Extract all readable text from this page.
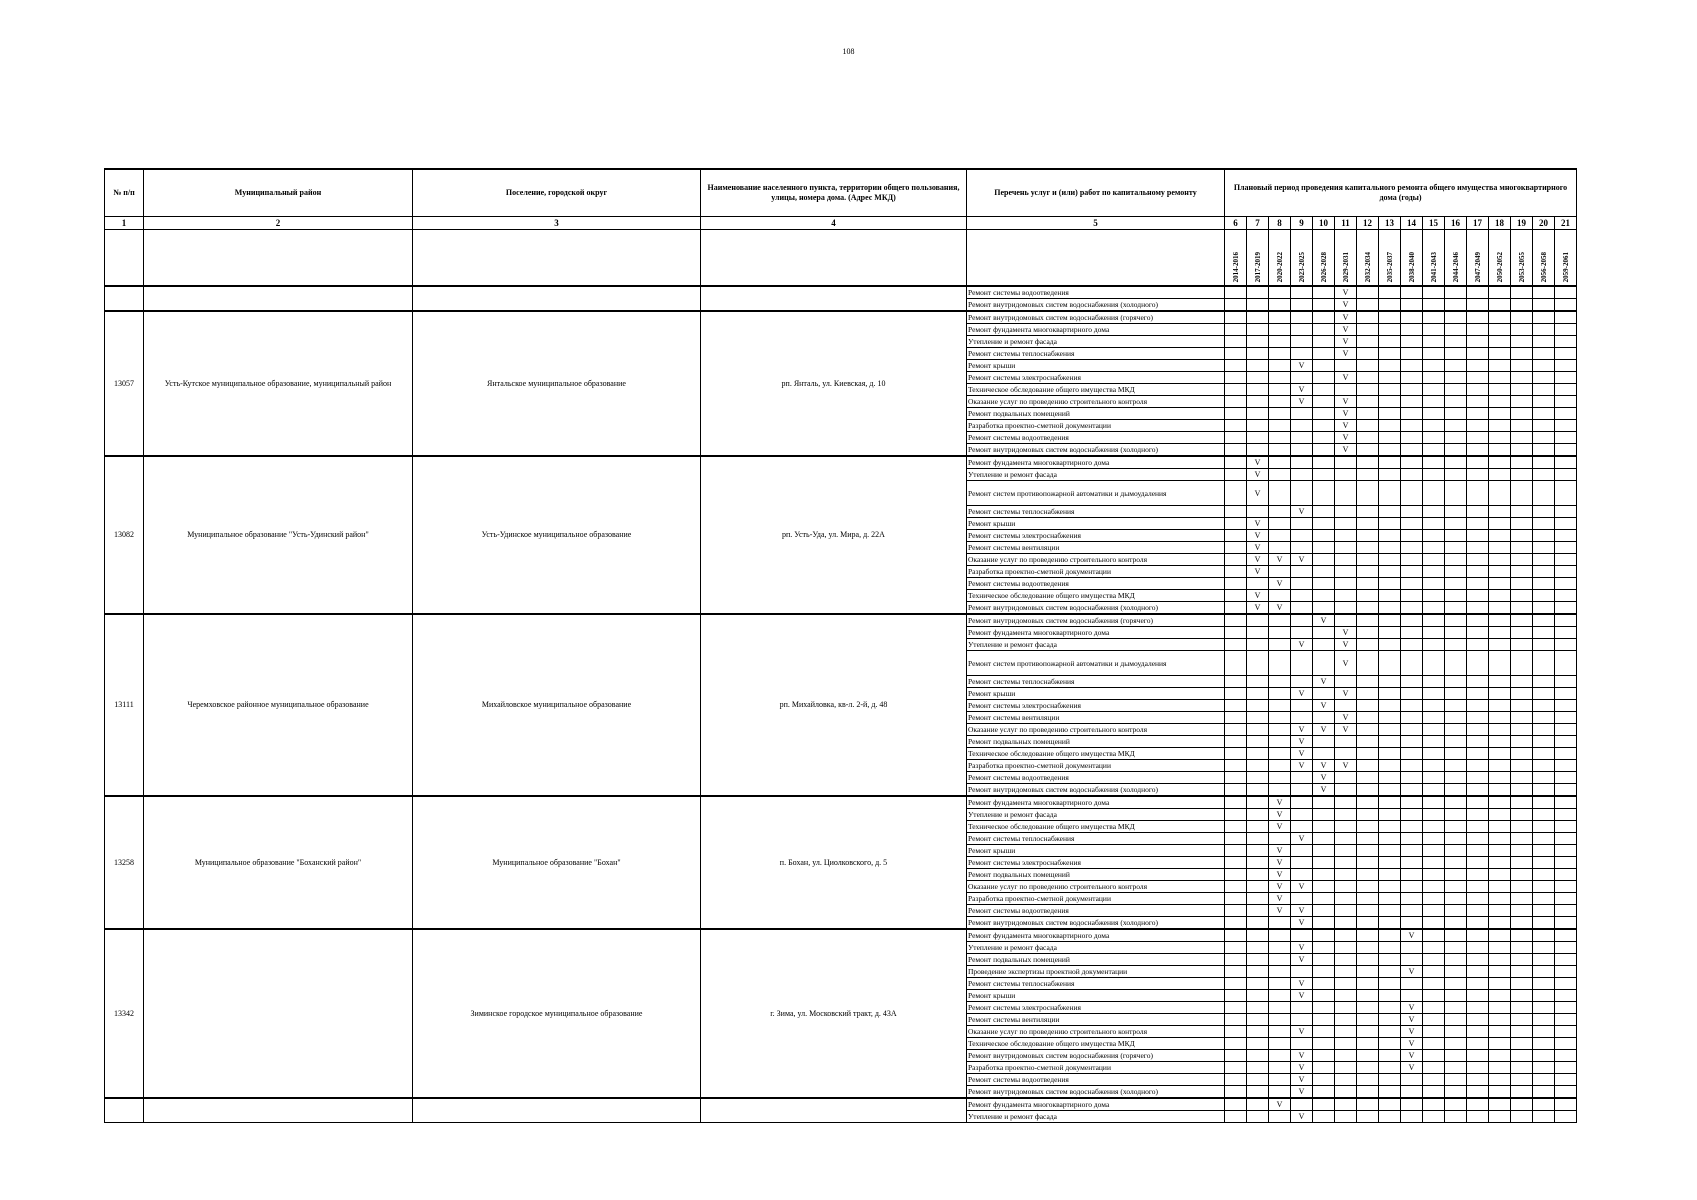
108
№ п/п	Муниципальный район	Поселение, городской округ	Наименование населенного пункта, территории общего пользования, улицы, номера дома. (Адрес МКД)	Перечень услуг и (или) работ по капитальному ремонту	Плановый период проведения капитального ремонта общего имущества многоквартирного дома (годы)															
1	2	3	4	5	6	7	8	9	10	11	12	13	14	15	16	17	18	19	20	21
					2014-2016	2017-2019	2020-2022	2023-2025	2026-2028	2029-2031	2032-2034	2035-2037	2038-2040	2041-2043	2044-2046	2047-2049	2050-2052	2053-2055	2056-2058	2059-2061
				Ремонт системы водоотведения						V										
				Ремонт внутридомовых систем водоснабжения (холодного)						V										
13057	Усть-Кутское муниципальное образование, муниципальный район	Янтальское муниципальное образование	рп. Янталь, ул. Киевская, д. 10	Ремонт внутридомовых систем водоснабжения (горячего)						V										
				Ремонт фундамента многоквартирного дома						V										
				Утепление и ремонт фасада						V										
				Ремонт системы теплоснабжения						V										
				Ремонт крыши				V												
				Ремонт системы электроснабжения						V										
				Техническое обследование общего имущества МКД				V												
				Оказание услуг по проведению строительного контроля				V		V										
				Ремонт подвальных помещений						V										
				Разработка проектно-сметной документации						V										
				Ремонт системы водоотведения						V										
				Ремонт внутридомовых систем водоснабжения (холодного)						V										
13082	Муниципальное образование "Усть-Удинский район"	Усть-Удинское муниципальное образование	рп. Усть-Уда, ул. Мира, д. 22А	Ремонт фундамента многоквартирного дома		V														
				Утепление и ремонт фасада		V														
				Ремонт систем противопожарной автоматики и дымоудаления		V														
				Ремонт системы теплоснабжения				V												
				Ремонт крыши		V														
				Ремонт системы электроснабжения		V														
				Ремонт системы вентиляции		V														
				Оказание услуг по проведению строительного контроля		V	V	V												
				Разработка проектно-сметной документации		V														
				Ремонт системы водоотведения			V													
				Техническое обследование общего имущества МКД		V														
				Ремонт внутридомовых систем водоснабжения (холодного)		V	V													
13111	Черемховское районное муниципальное образование	Михайловское муниципальное образование	рп. Михайловка, кв-л. 2-й, д. 48	Ремонт внутридомовых систем водоснабжения (горячего)					V											
				Ремонт фундамента многоквартирного дома						V										
				Утепление и ремонт фасада				V		V										
				Ремонт систем противопожарной автоматики и дымоудаления						V										
				Ремонт системы теплоснабжения					V											
				Ремонт крыши				V		V										
				Ремонт системы электроснабжения					V											
				Ремонт системы вентиляции						V										
				Оказание услуг по проведению строительного контроля				V	V	V										
				Ремонт подвальных помещений				V												
				Техническое обследование общего имущества МКД				V												
				Разработка проектно-сметной документации				V	V	V										
				Ремонт системы водоотведения					V											
				Ремонт внутридомовых систем водоснабжения (холодного)					V											
13258	Муниципальное образование "Боханский район"	Муниципальное образование "Бохан"	п. Бохан, ул. Циолковского, д. 5	Ремонт фундамента многоквартирного дома			V													
				Утепление и ремонт фасада			V													
				Техническое обследование общего имущества МКД			V													
				Ремонт системы теплоснабжения				V												
				Ремонт крыши			V													
				Ремонт системы электроснабжения			V													
				Ремонт подвальных помещений			V													
				Оказание услуг по проведению строительного контроля			V	V												
				Разработка проектно-сметной документации			V													
				Ремонт системы водоотведения			V	V												
				Ремонт внутридомовых систем водоснабжения (холодного)				V												
13342		Зиминское городское муниципальное образование	г. Зима, ул. Московский тракт, д. 43А	Ремонт фундамента многоквартирного дома									V							
				Утепление и ремонт фасада				V												
				Ремонт подвальных помещений				V												
				Проведение экспертизы проектной документации									V							
				Ремонт системы теплоснабжения				V												
				Ремонт крыши				V												
				Ремонт системы электроснабжения									V							
				Ремонт системы вентиляции									V							
				Оказание услуг по проведению строительного контроля				V					V							
				Техническое обследование общего имущества МКД									V							
				Ремонт внутридомовых систем водоснабжения (горячего)				V					V							
				Разработка проектно-сметной документации				V					V							
				Ремонт системы водоотведения				V												
				Ремонт внутридомовых систем водоснабжения (холодного)				V												
				Ремонт фундамента многоквартирного дома			V													
				Утепление и ремонт фасада				V												
